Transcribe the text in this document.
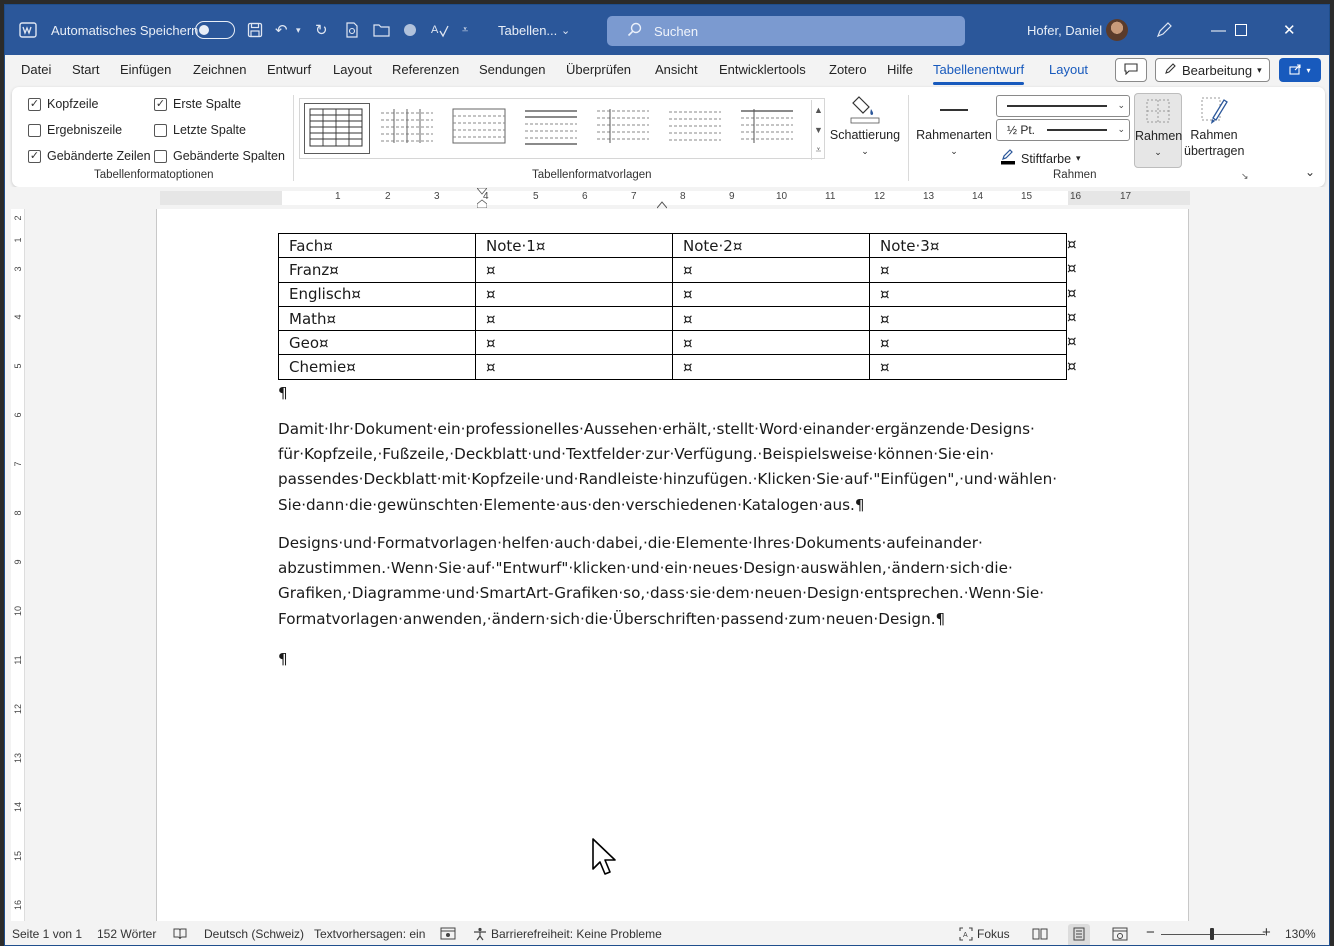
Automatisches Speichern	↶ ▾ ↻	A ⩡ Tabellen... ⌄	Suchen	Hofer, Daniel	—	✕
Datei Start Einfügen Zeichnen Entwurf Layout Referenzen Sendungen Überprüfen Ansicht Entwicklertools Zotero Hilfe Tabellenentwurf Layout	Bearbeitung ▾	▾
✓ Kopfzeile	✓ Erste Spalte
Ergebniszeile	Letzte Spalte
✓ Gebänderte Zeilen Gebänderte Spalten
Tabellenformatoptionen
▲
▼
⩡
Tabellenformatvorlagen
Schattierung
⌄
Rahmenarten
⌄
⌄
½ Pt.	⌄
Stiftfarbe ▾
Rahmen
⌄
Rahmen
übertragen
Rahmen	↘	⌄
1	2	3	4	5	6	7	8	9	10	11	12	13	14	15	16	17
2
1
3
4
5
6
7
8
9
10
11
12
13
14
15
16
Fach¤	Note·1¤	Note·2¤	Note·3¤
Franz¤	¤	¤	¤
Englisch¤	¤	¤	¤
Math¤	¤	¤	¤
Geo¤	¤	¤	¤
Chemie¤	¤	¤	¤
¤
¤
¤
¤
¤
¤
¶
Damit·Ihr·Dokument·ein·professionelles·Aussehen·erhält,·stellt·Word·einander·ergänzende·Designs· für·Kopfzeile,·Fußzeile,·Deckblatt·und·Textfelder·zur·Verfügung.·Beispielsweise·können·Sie·ein· passendes·Deckblatt·mit·Kopfzeile·und·Randleiste·hinzufügen.·Klicken·Sie·auf·"Einfügen",·und·wählen· Sie·dann·die·gewünschten·Elemente·aus·den·verschiedenen·Katalogen·aus.¶
Designs·und·Formatvorlagen·helfen·auch·dabei,·die·Elemente·Ihres·Dokuments·aufeinander· abzustimmen.·Wenn·Sie·auf·"Entwurf"·klicken·und·ein·neues·Design·auswählen,·ändern·sich·die· Grafiken,·Diagramme·und·SmartArt-Grafiken·so,·dass·sie·dem·neuen·Design·entsprechen.·Wenn·Sie· Formatvorlagen·anwenden,·ändern·sich·die·Überschriften·passend·zum·neuen·Design.¶
¶
Seite 1 von 1 152 Wörter	Deutsch (Schweiz) Textvorhersagen: ein	Barrierefreiheit: Keine Probleme	A Fokus	−	+ 130%
